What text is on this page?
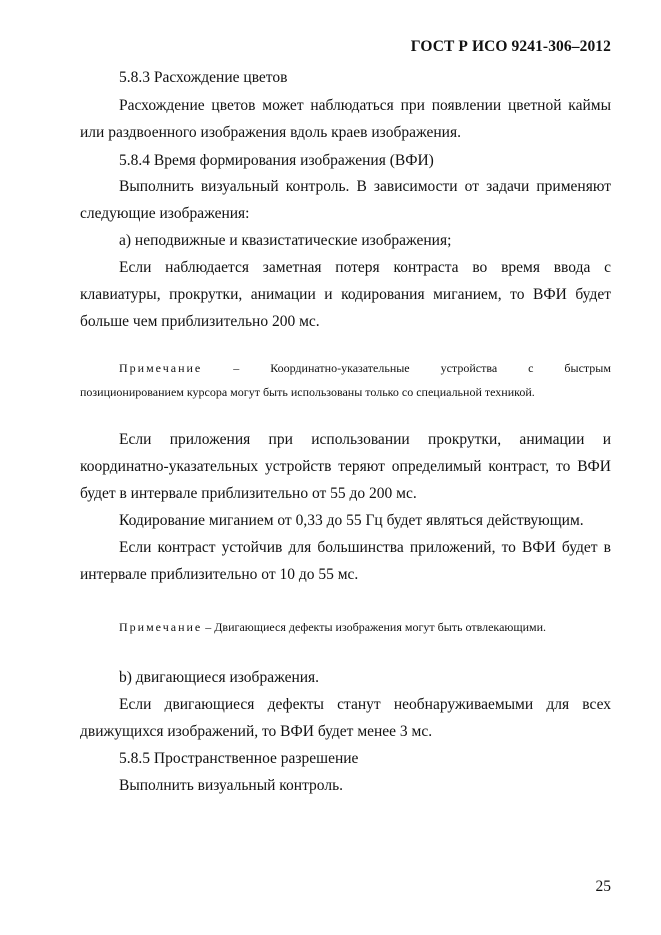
ГОСТ Р ИСО 9241-306–2012
5.8.3 Расхождение цветов
Расхождение цветов может наблюдаться при появлении цветной каймы
или раздвоенного изображения вдоль краев изображения.
5.8.4 Время формирования изображения (ВФИ)
Выполнить визуальный контроль. В зависимости от задачи применяют
следующие изображения:
а) неподвижные и квазистатические изображения;
Если наблюдается заметная потеря контраста во время ввода с
клавиатуры, прокрутки, анимации и кодирования миганием, то ВФИ будет
больше чем приблизительно 200 мс.
Примечание	–	Координатно-указательные	устройства	с	быстрым
позиционированием курсора могут быть использованы только со специальной техникой.
Если приложения при использовании прокрутки, анимации и
координатно-указательных устройств теряют определимый контраст, то ВФИ
будет в интервале приблизительно от 55 до 200 мс.
Кодирование миганием от 0,33 до 55 Гц будет являться действующим.
Если контраст устойчив для большинства приложений, то ВФИ будет в
интервале приблизительно от 10 до 55 мс.
Примечание – Двигающиеся дефекты изображения могут быть отвлекающими.
b) двигающиеся изображения.
Если двигающиеся дефекты станут необнаруживаемыми для всех
движущихся изображений, то ВФИ будет менее 3 мс.
5.8.5 Пространственное разрешение
Выполнить визуальный контроль.
25
